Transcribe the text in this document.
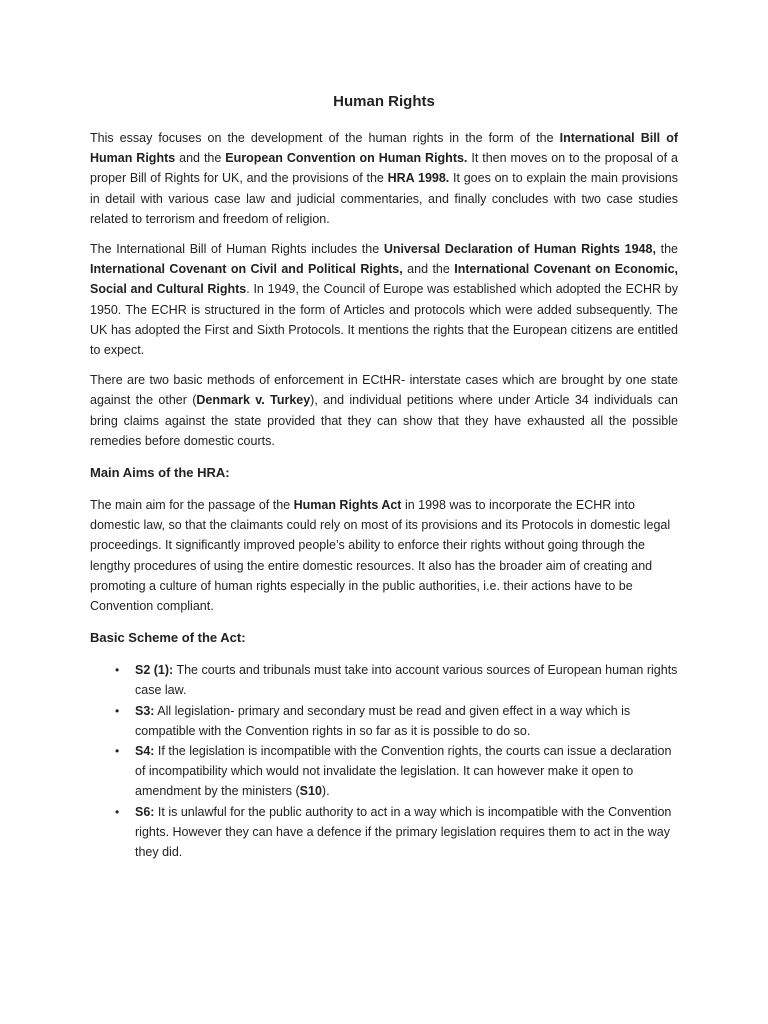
Human Rights

This essay focuses on the development of the human rights in the form of the International Bill of Human Rights and the European Convention on Human Rights. It then moves on to the proposal of a proper Bill of Rights for UK, and the provisions of the HRA 1998. It goes on to explain the main provisions in detail with various case law and judicial commentaries, and finally concludes with two case studies related to terrorism and freedom of religion.

The International Bill of Human Rights includes the Universal Declaration of Human Rights 1948, the International Covenant on Civil and Political Rights, and the International Covenant on Economic, Social and Cultural Rights. In 1949, the Council of Europe was established which adopted the ECHR by 1950. The ECHR is structured in the form of Articles and protocols which were added subsequently. The UK has adopted the First and Sixth Protocols. It mentions the rights that the European citizens are entitled to expect.

There are two basic methods of enforcement in ECtHR- interstate cases which are brought by one state against the other (Denmark v. Turkey), and individual petitions where under Article 34 individuals can bring claims against the state provided that they can show that they have exhausted all the possible remedies before domestic courts.

Main Aims of the HRA:

The main aim for the passage of the Human Rights Act in 1998 was to incorporate the ECHR into domestic law, so that the claimants could rely on most of its provisions and its Protocols in domestic legal proceedings. It significantly improved people’s ability to enforce their rights without going through the lengthy procedures of using the entire domestic resources. It also has the broader aim of creating and promoting a culture of human rights especially in the public authorities, i.e. their actions have to be Convention compliant.

Basic Scheme of the Act:
• S2 (1): The courts and tribunals must take into account various sources of European human rights case law.
• S3: All legislation- primary and secondary must be read and given effect in a way which is compatible with the Convention rights in so far as it is possible to do so.
• S4: If the legislation is incompatible with the Convention rights, the courts can issue a declaration of incompatibility which would not invalidate the legislation. It can however make it open to amendment by the ministers (S10).
• S6: It is unlawful for the public authority to act in a way which is incompatible with the Convention rights. However they can have a defence if the primary legislation requires them to act in the way they did.
